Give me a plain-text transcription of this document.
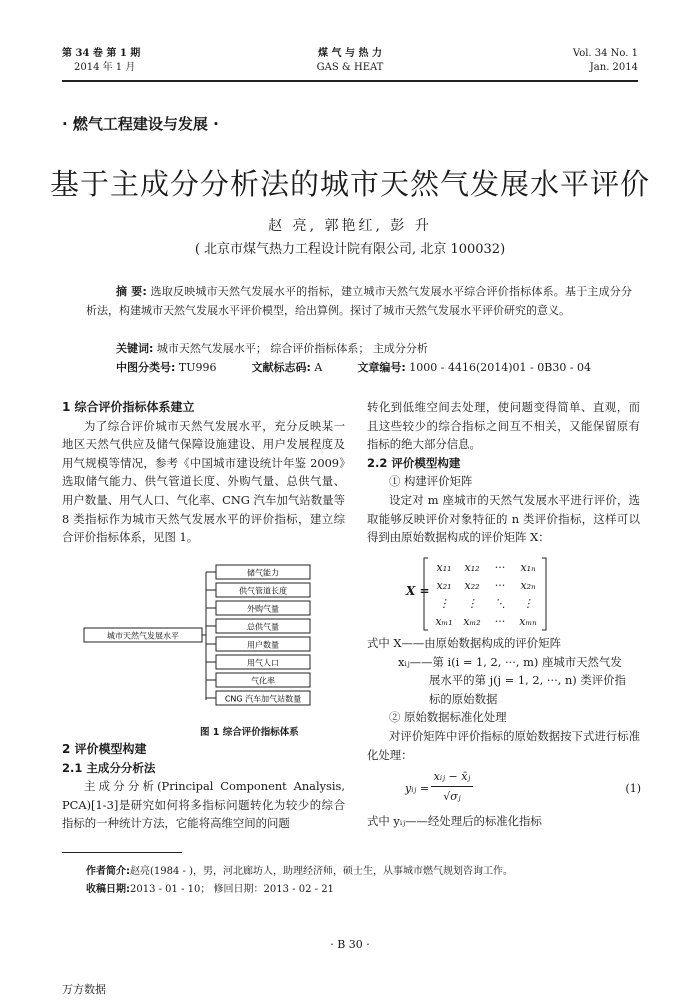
第 34 卷 第 1 期
2014 年 1 月
煤 气 与 热 力
GAS & HEAT
Vol. 34 No. 1
Jan. 2014
· 燃气工程建设与发展 ·
基于主成分分析法的城市天然气发展水平评价
赵 亮, 郭艳红, 彭 升
( 北京市煤气热力工程设计院有限公司, 北京 100032)
摘 要: 选取反映城市天然气发展水平的指标，建立城市天然气发展水平综合评价指标体系。基于主成分分析法，构建城市天然气发展水平评价模型，给出算例。探讨了城市天然气发展水平评价研究的意义。
关键词: 城市天然气发展水平； 综合评价指标体系； 主成分分析
中图分类号: TU996	文献标志码: A	文章编号: 1000 - 4416(2014)01 - 0B30 - 04
1 综合评价指标体系建立

为了综合评价城市天然气发展水平，充分反映某一地区天然气供应及储气保障设施建设、用户发展程度及用气规模等情况，参考《中国城市建设统计年鉴 2009》选取储气能力、供气管道长度、外购气量、总供气量、用户数量、用气人口、气化率、CNG 汽车加气站数量等 8 类指标作为城市天然气发展水平的评价指标，建立综合评价指标体系，见图 1。

城市天然气发展水平
储气能力
供气管道长度
外购气量
总供气量
用户数量
用气人口
气化率
CNG 汽车加气站数量
图 1 综合评价指标体系
2 评价模型构建
2.1 主成分分析法

主成分分析(Principal Component Analysis, PCA)[1-3]是研究如何将多指标问题转化为较少的综合指标的一种统计方法，它能将高维空间的问题

转化到低维空间去处理，使问题变得简单、直观，而且这些较少的综合指标之间互不相关，又能保留原有指标的绝大部分信息。

2.2 评价模型构建
① 构建评价矩阵

设定对 m 座城市的天然气发展水平进行评价，选取能够反映评价对象特征的 n 类评价指标，这样可以得到由原始数据构成的评价矩阵 X：

X =
x₁₁	x₁₂	···	x₁ₙ
x₂₁	x₂₂	···	x₂ₙ
⋮	⋮	⋱	⋮
xₘ₁ xₘ₂	···	xₘₙ
式中 X——由原始数据构成的评价矩阵
xᵢⱼ——第 i(i = 1, 2, ···, m) 座城市天然气发
展水平的第 j(j = 1, 2, ···, n) 类评价指
标的原始数据
② 原始数据标准化处理

对评价矩阵中评价指标的原始数据按下式进行标准化处理：

yᵢⱼ =
xᵢⱼ − x̄ⱼ
√σⱼ
(1)
式中 yᵢⱼ——经处理后的标准化指标
作者简介:赵亮(1984 - )，男，河北廊坊人，助理经济师，硕士生，从事城市燃气规划咨询工作。
收稿日期:2013 - 01 - 10； 修回日期：2013 - 02 - 21
· B 30 ·
万方数据
